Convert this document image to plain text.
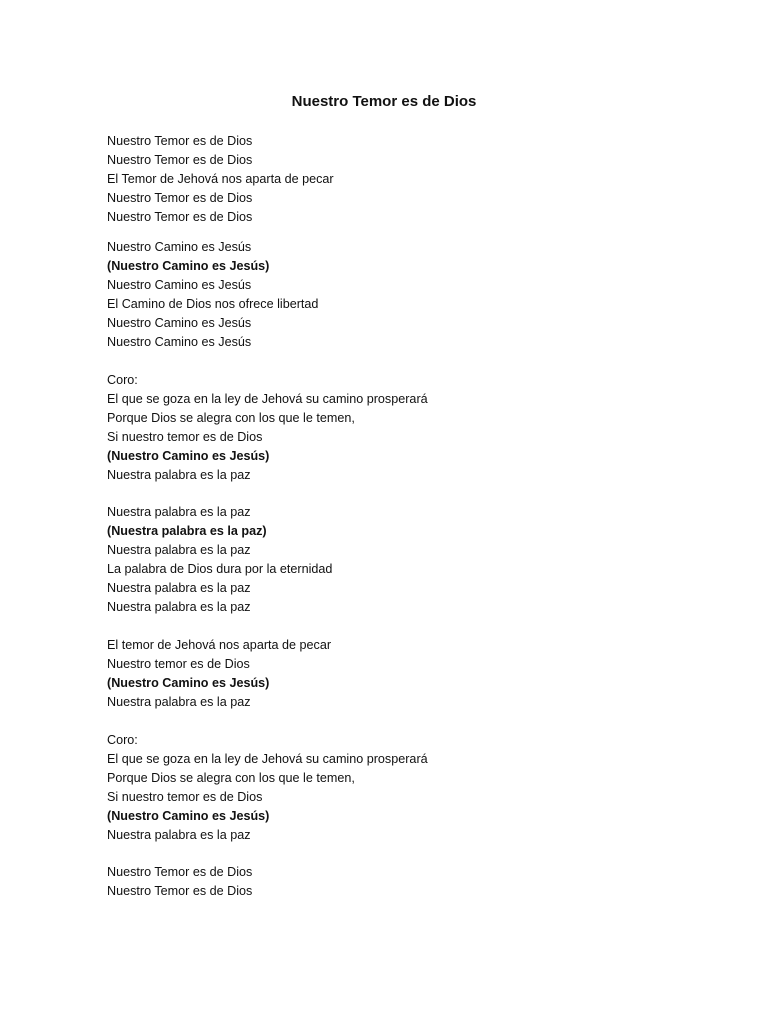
Nuestro Temor es de Dios
Nuestro Temor es de Dios
Nuestro Temor es de Dios
El Temor de Jehová nos aparta de pecar
Nuestro Temor es de Dios
Nuestro Temor es de Dios
Nuestro Camino es Jesús
(Nuestro Camino es Jesús)
Nuestro Camino es Jesús
El Camino de Dios nos ofrece libertad
Nuestro Camino es Jesús
Nuestro Camino es Jesús
Coro:
El que se goza en la ley de Jehová su camino prosperará
Porque Dios se alegra con los que le temen,
Si nuestro temor es de Dios
(Nuestro Camino es Jesús)
Nuestra palabra es la paz
Nuestra palabra es la paz
(Nuestra palabra es la paz)
Nuestra palabra es la paz
La palabra de Dios dura por la eternidad
Nuestra palabra es la paz
Nuestra palabra es la paz
El temor de Jehová nos aparta de pecar
Nuestro temor es de Dios
(Nuestro Camino es Jesús)
Nuestra palabra es la paz
Coro:
El que se goza en la ley de Jehová su camino prosperará
Porque Dios se alegra con los que le temen,
Si nuestro temor es de Dios
(Nuestro Camino es Jesús)
Nuestra palabra es la paz
Nuestro Temor es de Dios
Nuestro Temor es de Dios
